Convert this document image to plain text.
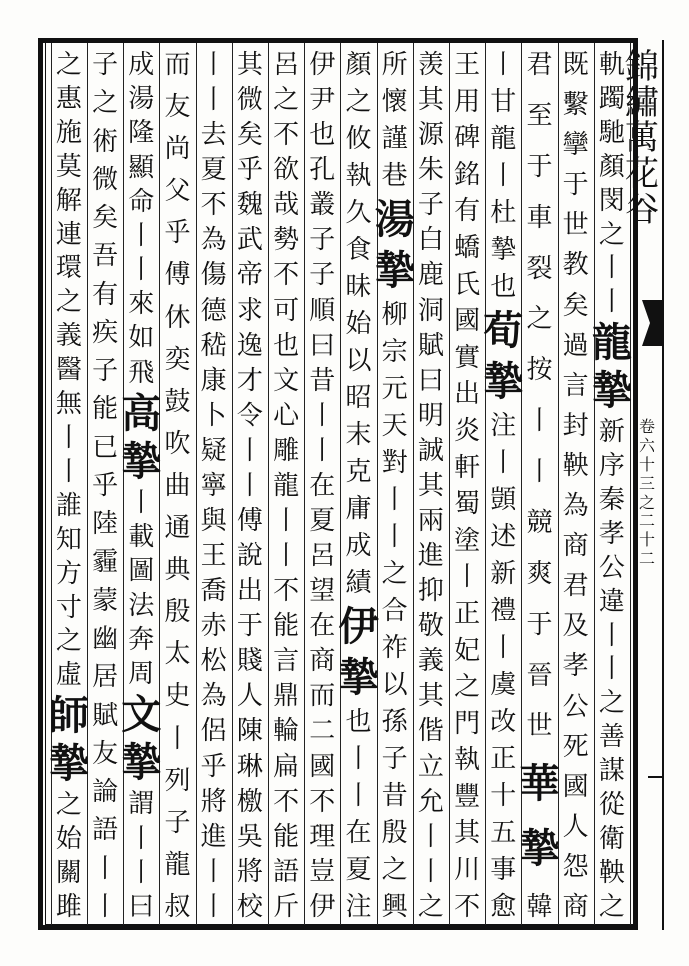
錦
繡
萬
花
谷
卷
六
十
三
之
二
十
二
軌
躅
馳
顏
閔
之
丨
丨
龍
摯
新
序
秦
孝
公
違
丨
丨
之
善
謀
從
衛
鞅
之
既
繫
攣
于
世
教
矣
過
言
封
鞅
為
商
君
及
孝
公
死
國
人
怨
商
君
至
于
車
裂
之
按
丨
丨
競
爽
于
晉
世
華
摯
韓
丨
甘
龍
丨
杜
摯
也
荀
摯
注
丨
顗
述
新
禮
丨
虞
改
正
十
五
事
愈
王
用
碑
銘
有
蟜
氏
國
實
出
炎
軒
蜀
塗
丨
正
妃
之
門
執
豐
其
川
不
羡
其
源
朱
子
白
鹿
洞
賦
曰
明
誠
其
兩
進
抑
敬
義
其
偕
立
允
丨
丨
之
所
懷
謹
巷
湯
摯
柳
宗
元
天
對
丨
丨
之
合
祚
以
孫
子
昔
殷
之
興
顏
之
攸
執
久
食
昧
始
以
昭
末
克
庸
成
績
伊
摯
也
丨
丨
在
夏
注
伊
尹
也
孔
叢
子
子
順
曰
昔
丨
丨
在
夏
呂
望
在
商
而
二
國
不
理
豈
伊
呂
之
不
欲
哉
勢
不
可
也
文
心
雕
龍
丨
丨
不
能
言
鼎
輪
扁
不
能
語
斤
其
微
矣
乎
魏
武
帝
求
逸
才
令
丨
丨
傅
說
出
于
賤
人
陳
琳
檄
吳
將
校
丨
丨
去
夏
不
為
傷
德
嵇
康
卜
疑
寧
與
王
喬
赤
松
為
侶
乎
將
進
丨
丨
而
友
尚
父
乎
傅
休
奕
鼓
吹
曲
通
典
殷
太
史
丨
列
子
龍
叔
成
湯
隆
顯
命
丨
丨
來
如
飛
高
摯
丨
載
圖
法
奔
周
文
摯
謂
丨
丨
曰
子
之
術
微
矣
吾
有
疾
子
能
已
乎
陸
霾
蒙
幽
居
賦
友
論
語
丨
丨
之
惠
施
莫
解
連
環
之
義
醫
無
丨
丨
誰
知
方
寸
之
虛
師
摯
之
始
關
雎
